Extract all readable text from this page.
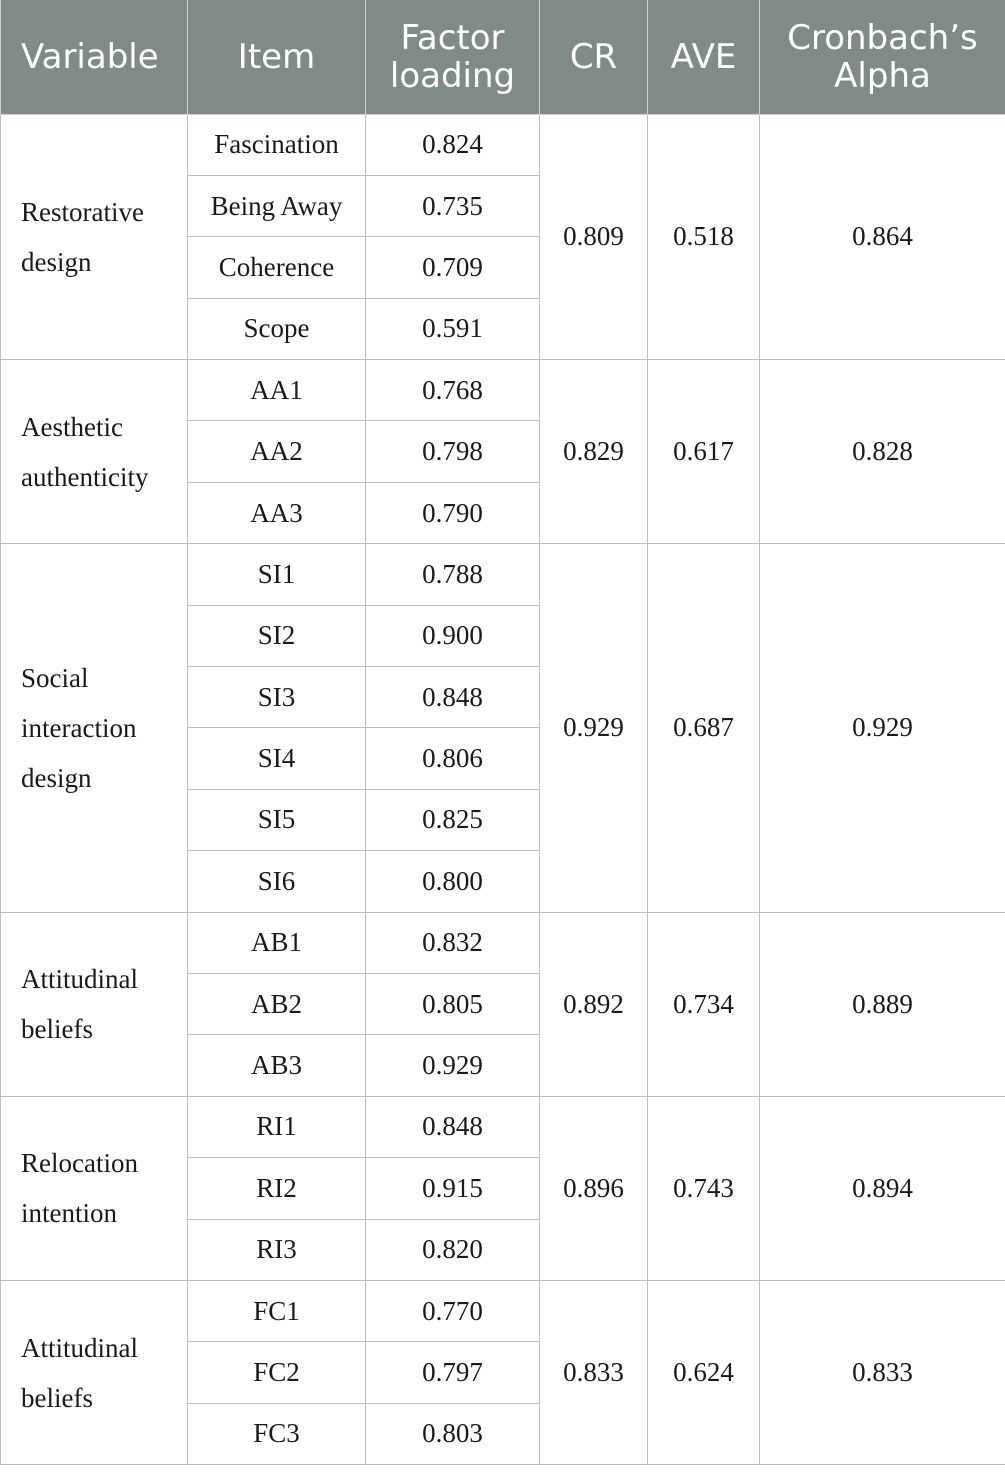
Variable	Item	Factor loading	CR	AVE	Cronbach’s Alpha
Restorative design	Fascination	0.824	0.809	0.518	0.864
	Being Away	0.735			
	Coherence	0.709			
	Scope	0.591			
Aesthetic authenticity	AA1	0.768	0.829	0.617	0.828
	AA2	0.798			
	AA3	0.790			
Social interaction design	SI1	0.788	0.929	0.687	0.929
	SI2	0.900			
	SI3	0.848			
	SI4	0.806			
	SI5	0.825			
	SI6	0.800			
Attitudinal beliefs	AB1	0.832	0.892	0.734	0.889
	AB2	0.805			
	AB3	0.929			
Relocation intention	RI1	0.848	0.896	0.743	0.894
	RI2	0.915			
	RI3	0.820			
Attitudinal beliefs	FC1	0.770	0.833	0.624	0.833
	FC2	0.797			
	FC3	0.803			
